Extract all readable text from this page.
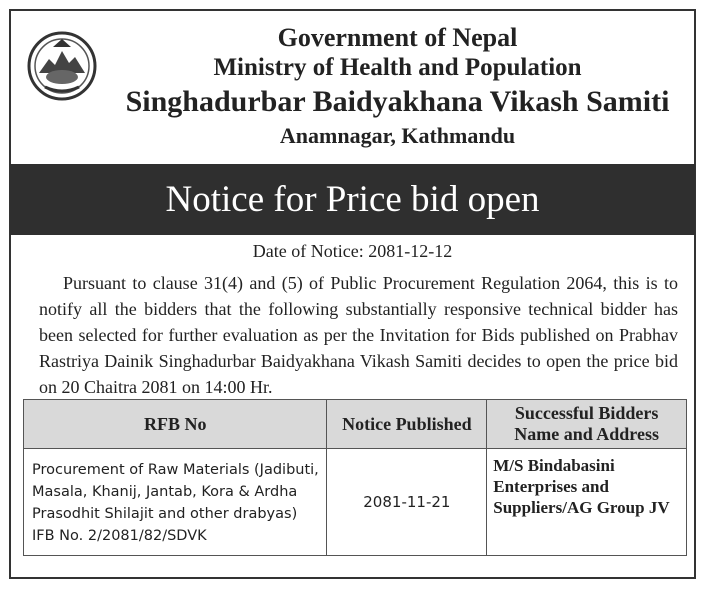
Government of Nepal
Ministry of Health and Population
Singhadurbar Baidyakhana Vikash Samiti
Anamnagar, Kathmandu
Notice for Price bid open
Date of Notice: 2081-12-12

Pursuant to clause 31(4) and (5) of Public Procurement Regulation 2064, this is to notify all the bidders that the following substantially responsive technical bidder has been selected for further evaluation as per the Invitation for Bids published on Prabhav Rastriya Dainik Singhadurbar Baidyakhana Vikash Samiti decides to open the price bid on 20 Chaitra 2081 on 14:00 Hr.

RFB No	Notice Published	Successful Bidders Name and Address
Procurement of Raw Materials (Jadibuti, Masala, Khanij, Jantab, Kora & Ardha Prasodhit Shilajit and other drabyas) IFB No. 2/2081/82/SDVK	2081-11-21	M/S Bindabasini Enterprises and Suppliers/AG Group JV
